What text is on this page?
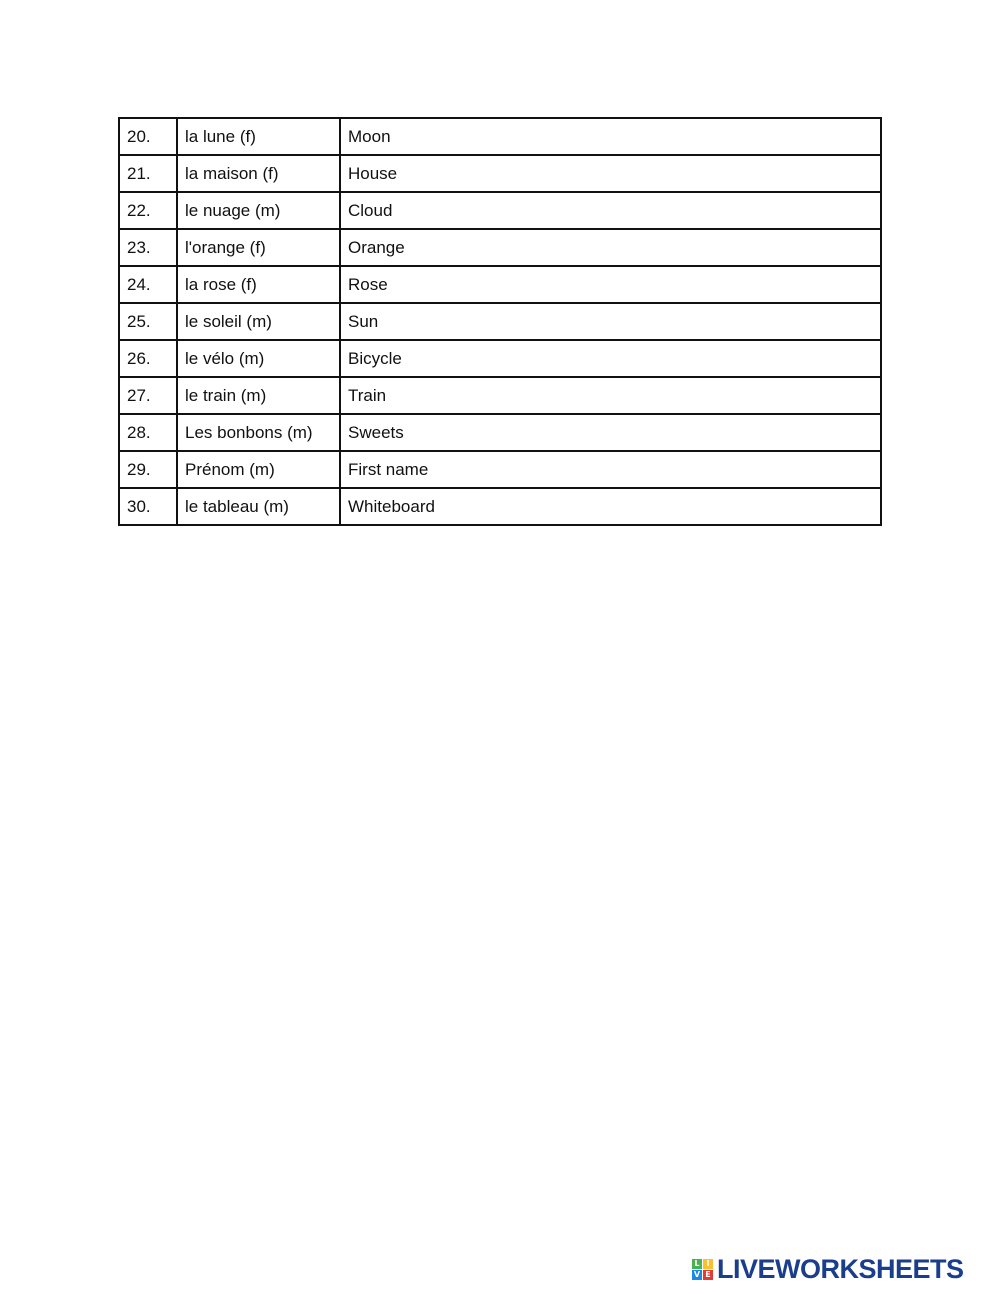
20.	la lune (f)	Moon
21.	la maison (f)	House
22.	le nuage (m)	Cloud
23.	l'orange (f)	Orange
24.	la rose (f)	Rose
25.	le soleil (m)	Sun
26.	le vélo (m)	Bicycle
27.	le train (m)	Train
28.	Les bonbons (m)	Sweets
29.	Prénom (m)	First name
30.	le tableau (m)	Whiteboard
L I
V E LIVEWORKSHEETS
